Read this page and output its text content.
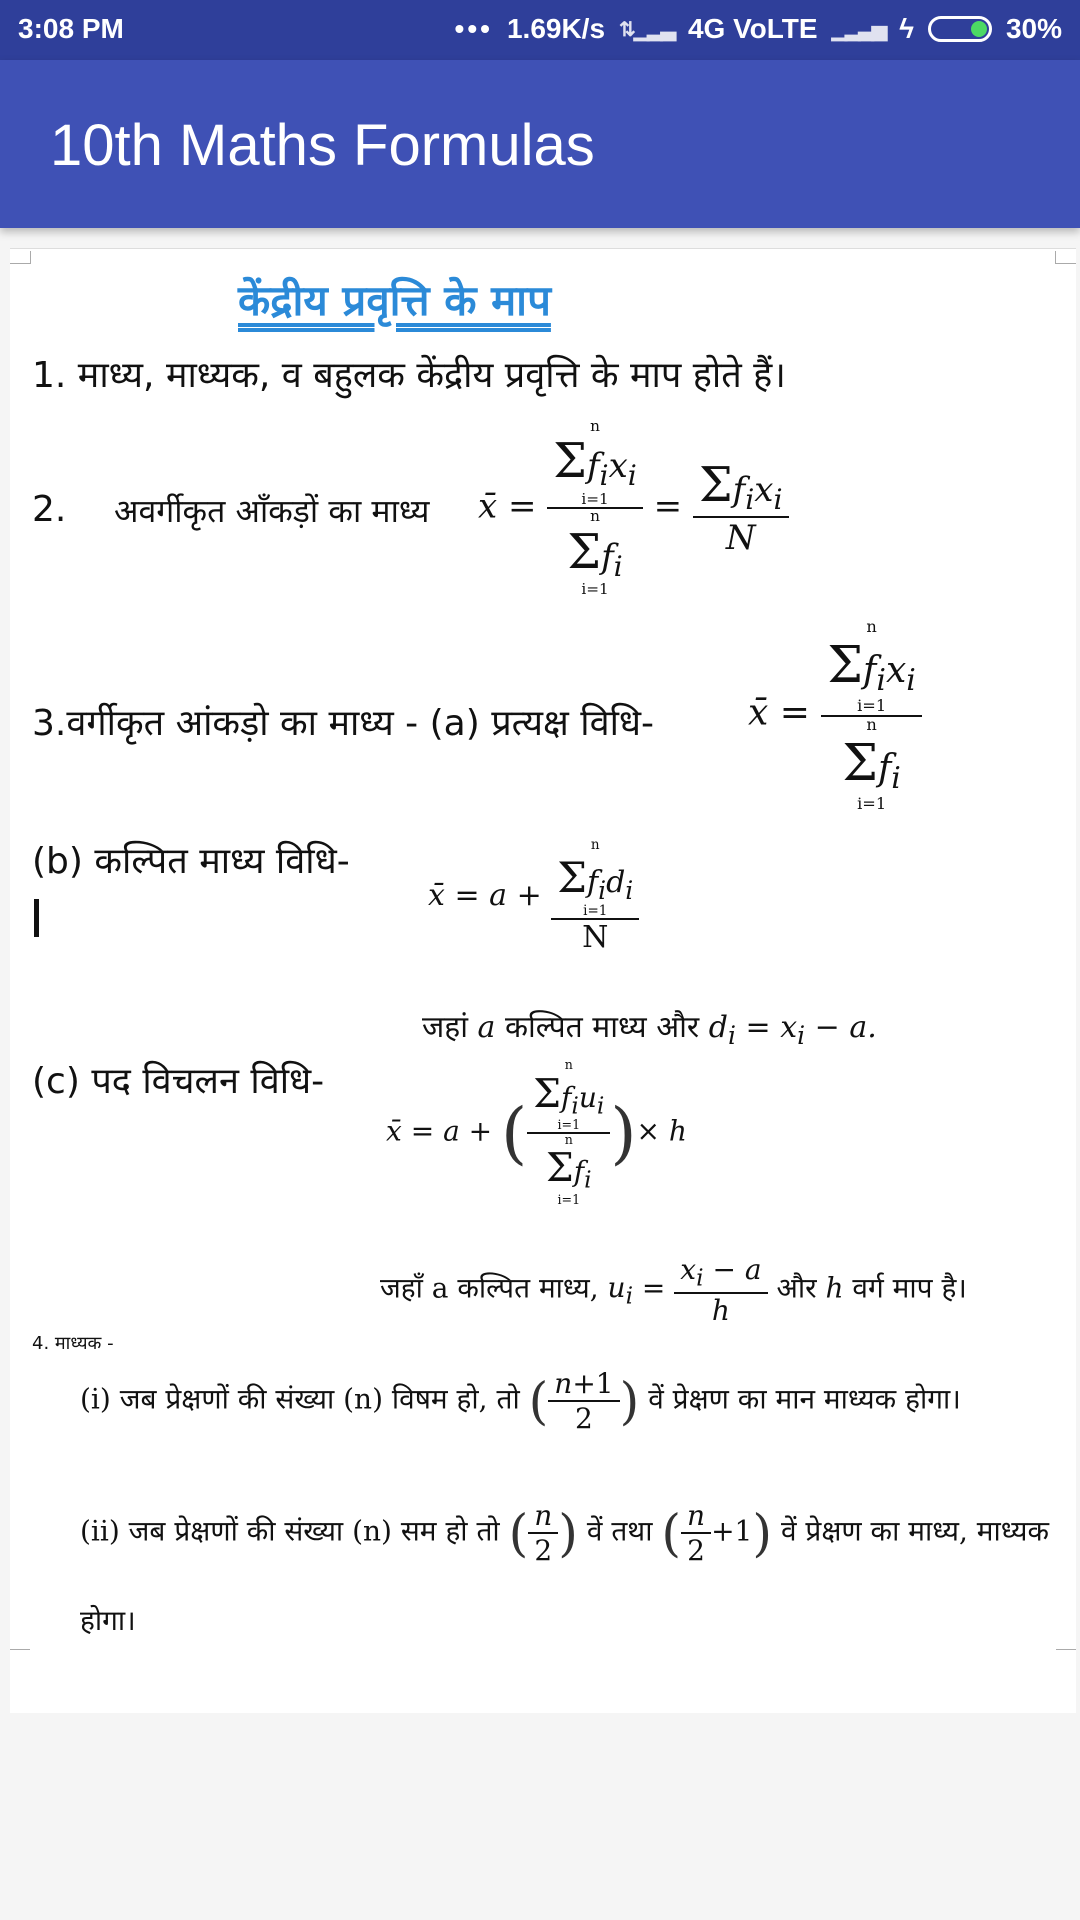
3:08 PM	••• 1.69K/s ⇅▁▂▃ 4G VoLTE ▁▂▃▅ ϟ	30%
10th Maths Formulas
केंद्रीय प्रवृत्ति के माप
1. माध्य, माध्यक, व बहुलक केंद्रीय प्रवृत्ति के माप होते हैं।
2. अवर्गीकृत आँकड़ों का माध्य x̄ = n
$\Sigma f_ix_i$
i=1
n
$\Sigma f_i$
$i=1 = \frac{\Sigma f_ix_i}{N}$
3.वर्गीकृत आंकड़ो का माध्य - (a) प्रत्यक्ष विधि-	x̄ = n
$\Sigma f_ix_i$
i=1
n
$\Sigma f_i$
i=1
(b) कल्पित माध्य विधि-
x̄ = a + n
$\Sigma f_id_i$
i=1
N
जहां a कल्पित माध्य और $d_i = x_i - a$.
(c) पद विचलन विधि-
x̄ = a + ( n
$\Sigma f_iu_i$
i=1
n
$\Sigma f_i$
i=1 )× h
जहाँ a कल्पित माध्य, $u_i = \frac{x_i - a}{h}$ और h वर्ग माप है।
4. माध्यक -
(i) जब प्रेक्षणों की संख्या (n) विषम हो, तो ( $\frac{n+1}{2}$ ) वें प्रेक्षण का मान माध्यक होगा।
(ii) जब प्रेक्षणों की संख्या (n) सम हो तो ( $\frac{n}{2}$ ) वें तथा ( $\frac{n}{2} +1$) वें प्रेक्षण का माध्य, माध्यक
होगा।
